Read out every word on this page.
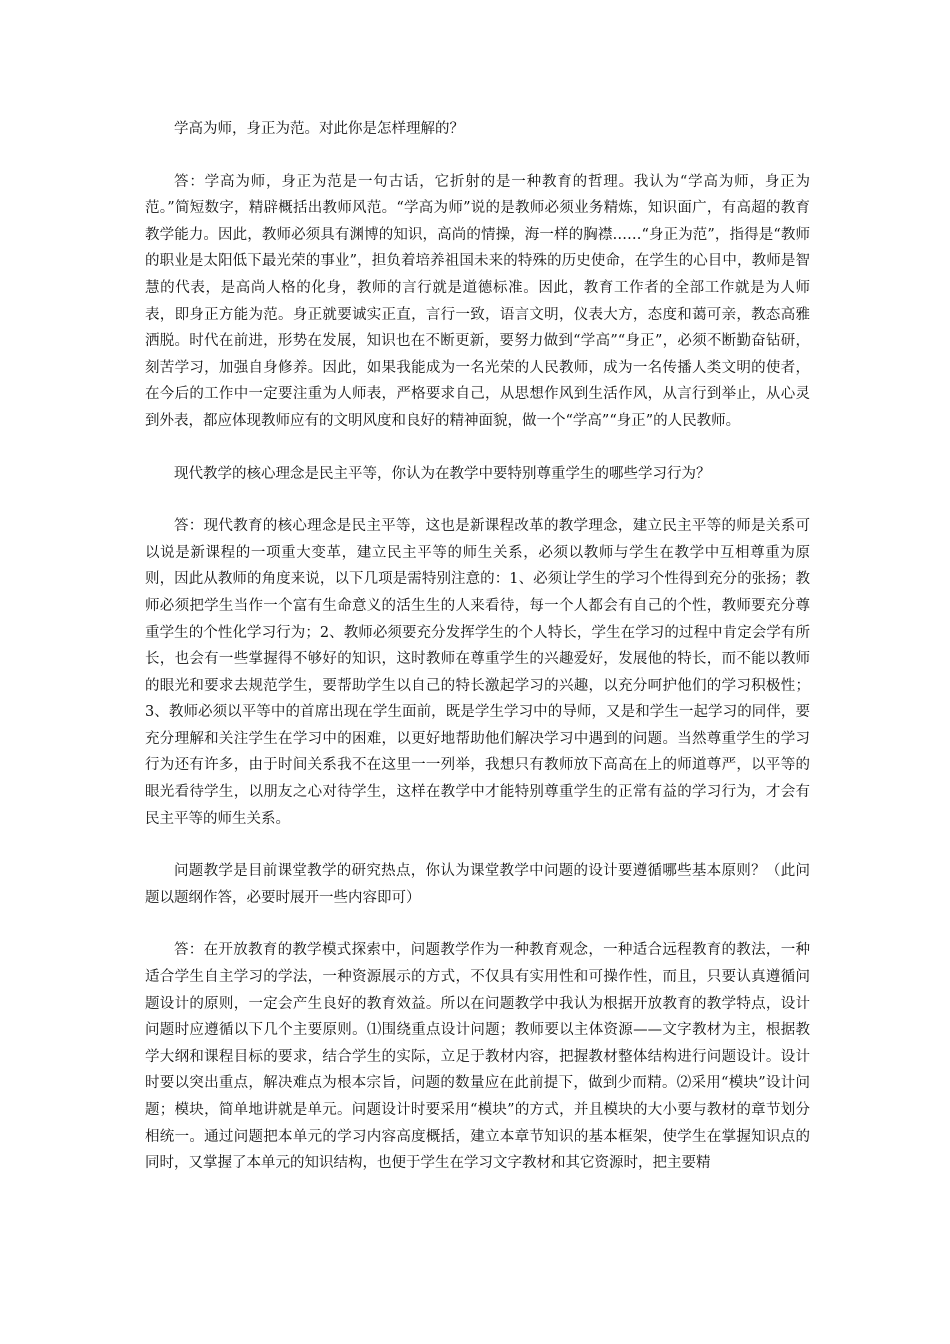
学高为师，身正为范。对此你是怎样理解的？

答：学高为师，身正为范是一句古话，它折射的是一种教育的哲理。我认为“学高为师，身正为范。”简短数字，精辟概括出教师风范。“学高为师”说的是教师必须业务精炼，知识面广，有高超的教育教学能力。因此，教师必须具有渊博的知识，高尚的情操，海一样的胸襟……“身正为范”，指得是“教师的职业是太阳低下最光荣的事业”，担负着培养祖国未来的特殊的历史使命，在学生的心目中，教师是智慧的代表，是高尚人格的化身，教师的言行就是道德标准。因此，教育工作者的全部工作就是为人师表，即身正方能为范。身正就要诚实正直，言行一致，语言文明，仪表大方，态度和蔼可亲，教态高雅洒脱。时代在前进，形势在发展，知识也在不断更新，要努力做到“学高”“身正”，必须不断勤奋钻研，刻苦学习，加强自身修养。因此，如果我能成为一名光荣的人民教师，成为一名传播人类文明的使者，在今后的工作中一定要注重为人师表，严格要求自己，从思想作风到生活作风，从言行到举止，从心灵到外表，都应体现教师应有的文明风度和良好的精神面貌，做一个“学高”“身正”的人民教师。

现代教学的核心理念是民主平等，你认为在教学中要特别尊重学生的哪些学习行为？

答：现代教育的核心理念是民主平等，这也是新课程改革的教学理念，建立民主平等的师是关系可以说是新课程的一项重大变革，建立民主平等的师生关系，必须以教师与学生在教学中互相尊重为原则，因此从教师的角度来说，以下几项是需特别注意的：1、必须让学生的学习个性得到充分的张扬；教师必须把学生当作一个富有生命意义的活生生的人来看待，每一个人都会有自己的个性，教师要充分尊重学生的个性化学习行为；2、教师必须要充分发挥学生的个人特长，学生在学习的过程中肯定会学有所长，也会有一些掌握得不够好的知识，这时教师在尊重学生的兴趣爱好，发展他的特长，而不能以教师的眼光和要求去规范学生，要帮助学生以自己的特长激起学习的兴趣，以充分呵护他们的学习积极性；3、教师必须以平等中的首席出现在学生面前，既是学生学习中的导师，又是和学生一起学习的同伴，要充分理解和关注学生在学习中的困难，以更好地帮助他们解决学习中遇到的问题。当然尊重学生的学习行为还有许多，由于时间关系我不在这里一一列举，我想只有教师放下高高在上的师道尊严，以平等的眼光看待学生，以朋友之心对待学生，这样在教学中才能特别尊重学生的正常有益的学习行为，才会有民主平等的师生关系。

问题教学是目前课堂教学的研究热点，你认为课堂教学中问题的设计要遵循哪些基本原则？（此问题以题纲作答，必要时展开一些内容即可）

答：在开放教育的教学模式探索中，问题教学作为一种教育观念，一种适合远程教育的教法，一种适合学生自主学习的学法，一种资源展示的方式，不仅具有实用性和可操作性，而且，只要认真遵循问题设计的原则，一定会产生良好的教育效益。所以在问题教学中我认为根据开放教育的教学特点，设计问题时应遵循以下几个主要原则。⑴围绕重点设计问题；教师要以主体资源——文字教材为主，根据教学大纲和课程目标的要求，结合学生的实际，立足于教材内容，把握教材整体结构进行问题设计。设计时要以突出重点，解决难点为根本宗旨，问题的数量应在此前提下，做到少而精。⑵采用“模块”设计问题；模块，简单地讲就是单元。问题设计时要采用“模块”的方式，并且模块的大小要与教材的章节划分相统一。通过问题把本单元的学习内容高度概括，建立本章节知识的基本框架，使学生在掌握知识点的同时，又掌握了本单元的知识结构，也便于学生在学习文字教材和其它资源时，把主要精
